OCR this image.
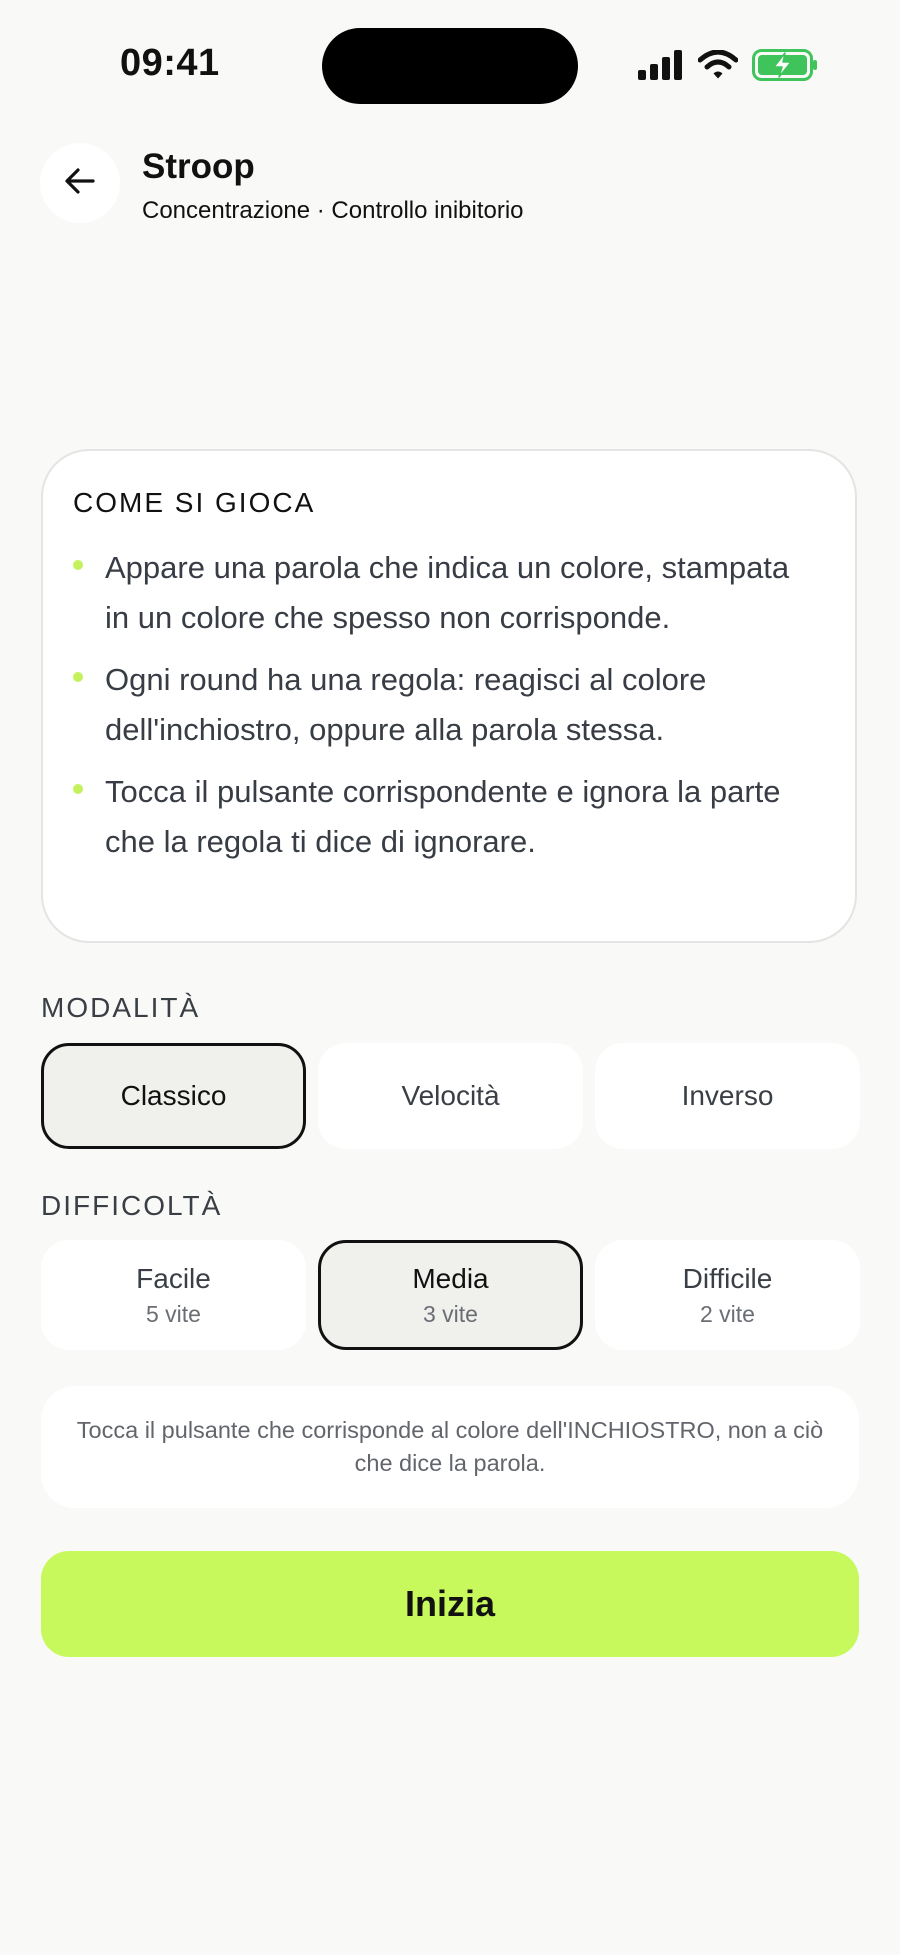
09:41
Stroop
Concentrazione · Controllo inibitorio
COME SI GIOCA
Appare una parola che indica un colore, stampata in un colore che spesso non corrisponde.
Ogni round ha una regola: reagisci al colore dell'inchiostro, oppure alla parola stessa.
Tocca il pulsante corrispondente e ignora la parte che la regola ti dice di ignorare.
MODALITÀ
Classico	Velocità	Inverso
DIFFICOLTÀ
Facile
5 vite
Media
3 vite
Difficile
2 vite
Tocca il pulsante che corrisponde al colore dell'INCHIOSTRO, non a ciò che dice la parola.
Inizia
